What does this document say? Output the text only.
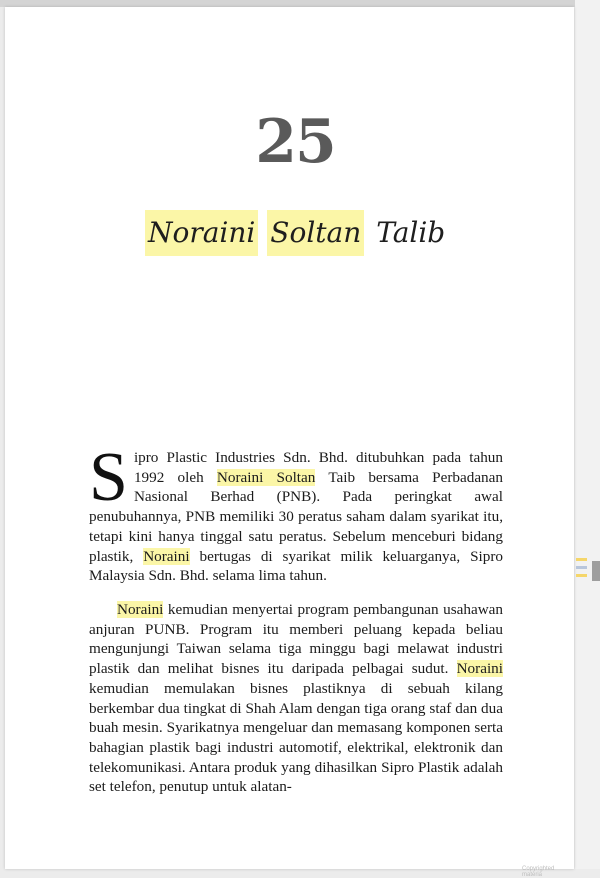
25
Noraini Soltan Talib

Sipro Plastic Industries Sdn. Bhd. ditubuhkan pada tahun 1992 oleh Noraini Soltan Taib bersama Perbadanan Nasional Berhad (PNB). Pada peringkat awal penubuhannya, PNB memiliki 30 peratus saham dalam syarikat itu, tetapi kini hanya tinggal satu peratus. Sebelum menceburi bidang plastik, Noraini bertugas di syarikat milik keluarganya, Sipro Malaysia Sdn. Bhd. selama lima tahun.

Noraini kemudian menyertai program pembangunan usahawan anjuran PUNB. Program itu memberi peluang kepada beliau mengunjungi Taiwan selama tiga minggu bagi melawat industri plastik dan melihat bisnes itu daripada pelbagai sudut. Noraini kemudian memulakan bisnes plastiknya di sebuah kilang berkembar dua tingkat di Shah Alam dengan tiga orang staf dan dua buah mesin. Syarikatnya mengeluar dan memasang komponen serta bahagian plastik bagi industri automotif, elektrikal, elektronik dan telekomunikasi. Antara produk yang dihasilkan Sipro Plastik adalah set telefon, penutup untuk alatan-

Copyrighted materia
